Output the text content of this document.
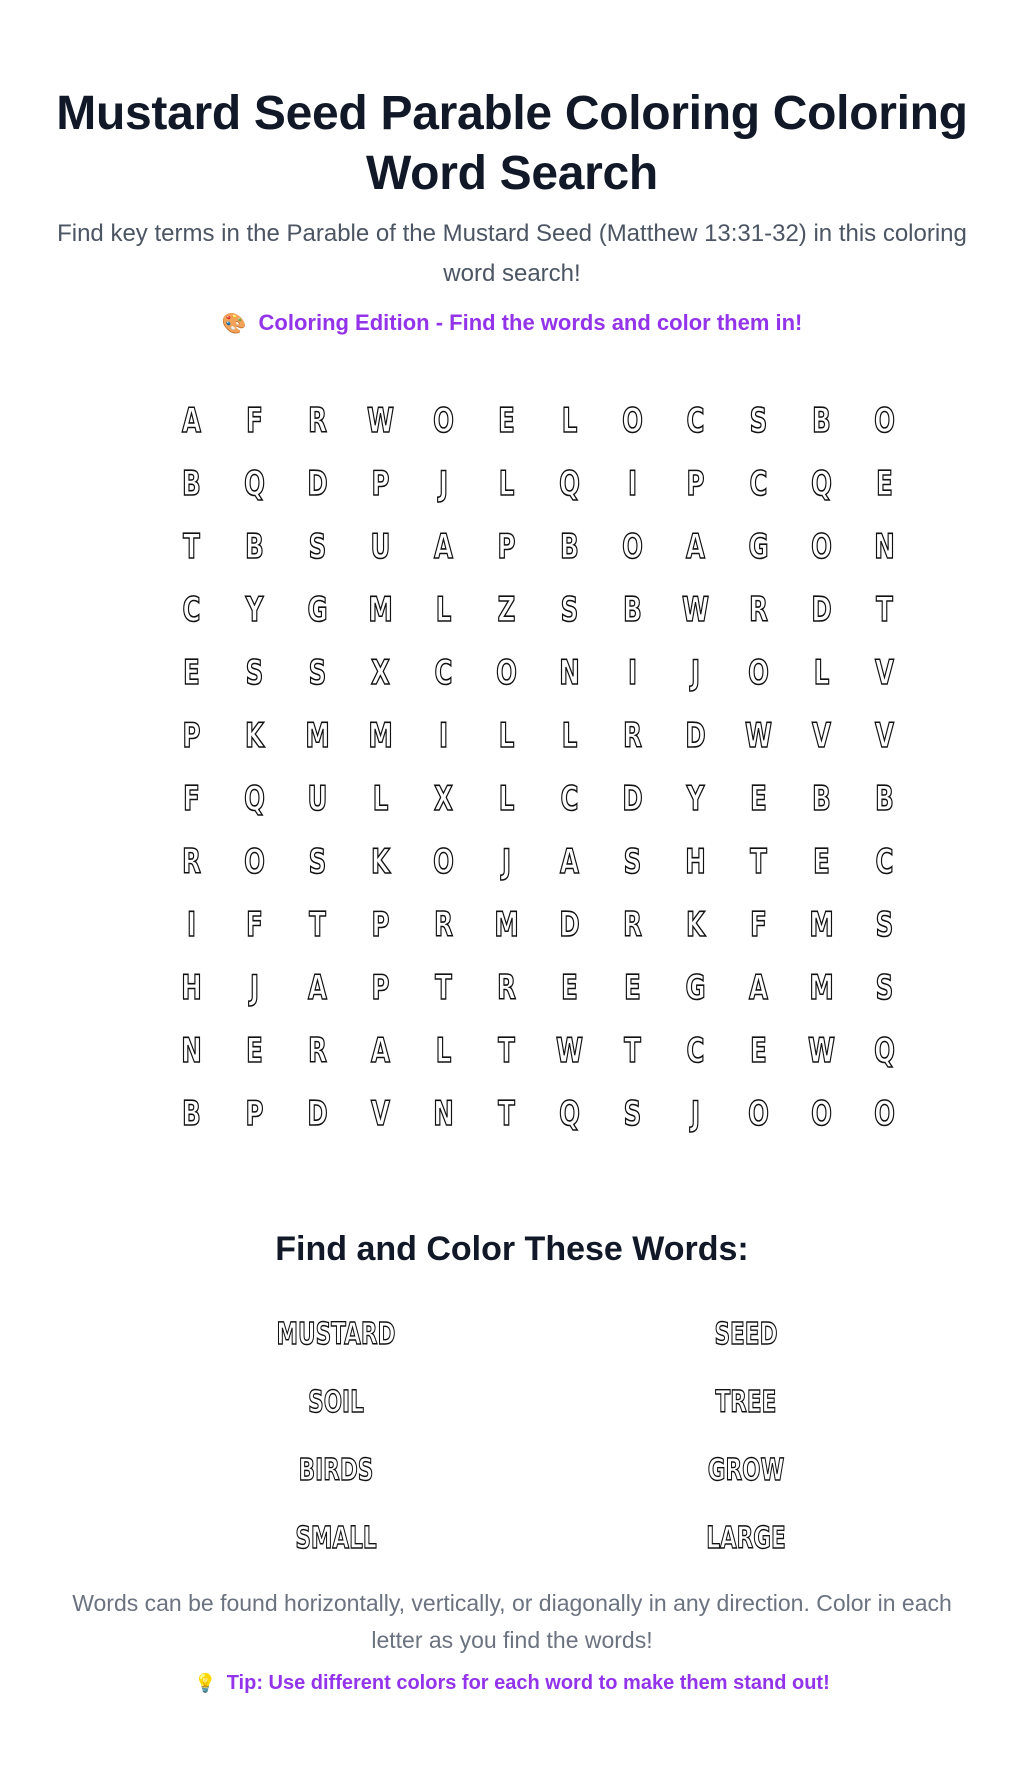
Mustard Seed Parable Coloring Coloring Word Search

Find key terms in the Parable of the Mustard Seed (Matthew 13:31-32) in this coloring word search!

🎨 Coloring Edition - Find the words and color them in!
A	F	R	W	O	E	L	O	C	S	B	O
B	Q	D	P	J	L	Q	I	P	C	Q	E
T	B	S	U	A	P	B	O	A	G	O	N
C	Y	G	M	L	Z	S	B	W	R	D	T
E	S	S	X	C	O	N	I	J	O	L	V
P	K	M	M	I	L	L	R	D	W	V	V
F	Q	U	L	X	L	C	D	Y	E	B	B
R	O	S	K	O	J	A	S	H	T	E	C
I	F	T	P	R	M	D	R	K	F	M	S
H	J	A	P	T	R	E	E	G	A	M	S
N	E	R	A	L	T	W	T	C	E	W	Q
B	P	D	V	N	T	Q	S	J	O	O	O
Find and Color These Words:
MUSTARD	SEED
SOIL	TREE
BIRDS	GROW
SMALL	LARGE

Words can be found horizontally, vertically, or diagonally in any direction. Color in each letter as you find the words!

💡 Tip: Use different colors for each word to make them stand out!
